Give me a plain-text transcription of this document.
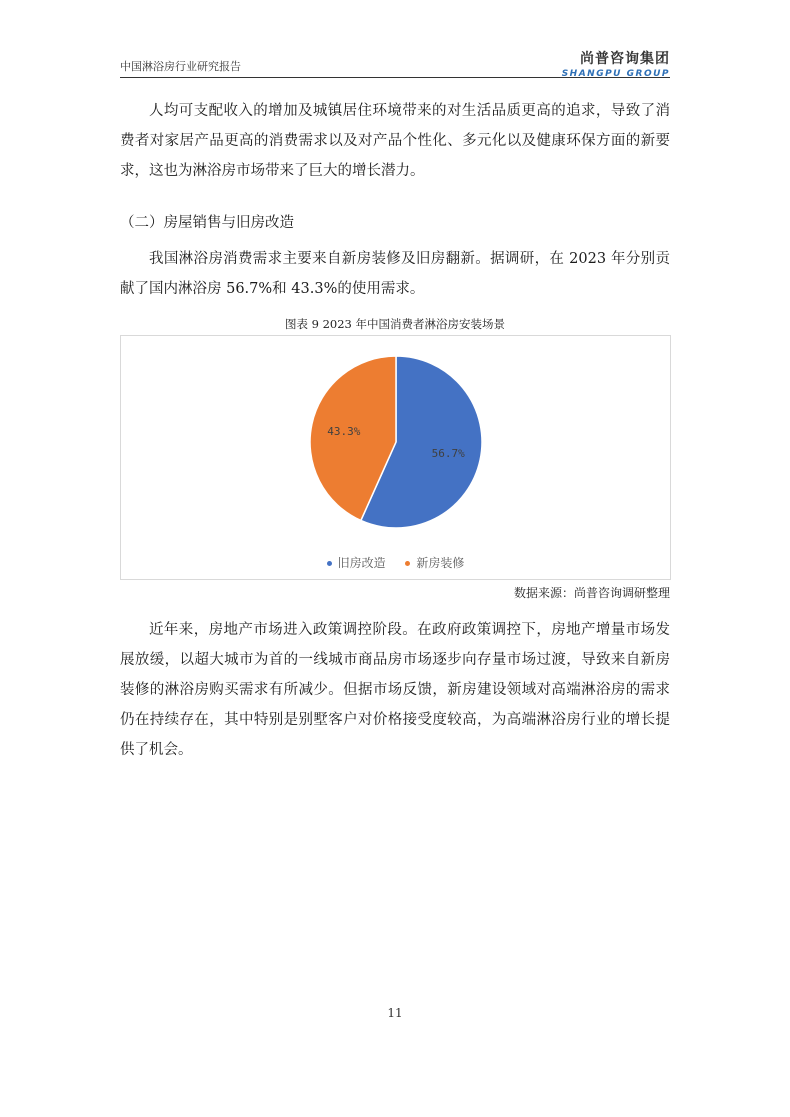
中国淋浴房行业研究报告	尚普咨询集团
SHANGPU GROUP
人均可支配收入的增加及城镇居住环境带来的对生活品质更高的追求，导致了消费者对家居产品更高的消费需求以及对产品个性化、多元化以及健康环保方面的新要求，这也为淋浴房市场带来了巨大的增长潜力。
（二）房屋销售与旧房改造
我国淋浴房消费需求主要来自新房装修及旧房翻新。据调研，在 2023 年分别贡献了国内淋浴房 56.7%和 43.3%的使用需求。
图表 9 2023 年中国消费者淋浴房安装场景
56.7%
43.3%
旧房改造	新房装修
数据来源：尚普咨询调研整理
近年来，房地产市场进入政策调控阶段。在政府政策调控下，房地产增量市场发展放缓，以超大城市为首的一线城市商品房市场逐步向存量市场过渡，导致来自新房装修的淋浴房购买需求有所减少。但据市场反馈，新房建设领域对高端淋浴房的需求仍在持续存在，其中特别是别墅客户对价格接受度较高，为高端淋浴房行业的增长提供了机会。
11
